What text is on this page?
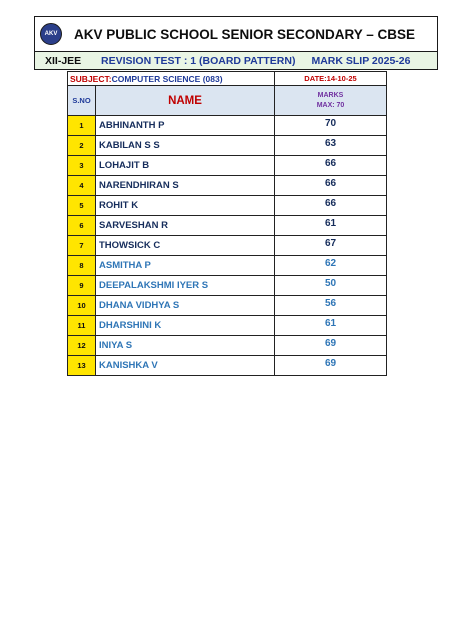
AKV	AKV PUBLIC SCHOOL SENIOR SECONDARY – CBSE
XII-JEE	REVISION TEST : 1 (BOARD PATTERN) MARK SLIP 2025-26
SUBJECT:COMPUTER SCIENCE (083)		DATE:14-10-25
S.NO	NAME	MARKS
MAX: 70

1	ABHINANTH P	70
2	KABILAN S S	63
3	LOHAJIT B	66
4	NARENDHIRAN S	66
5	ROHIT K	66
6	SARVESHAN R	61
7	THOWSICK C	67
8	ASMITHA P	62
9	DEEPALAKSHMI IYER S	50
10	DHANA VIDHYA S	56
11	DHARSHINI K	61
12	INIYA S	69
13	KANISHKA V	69
